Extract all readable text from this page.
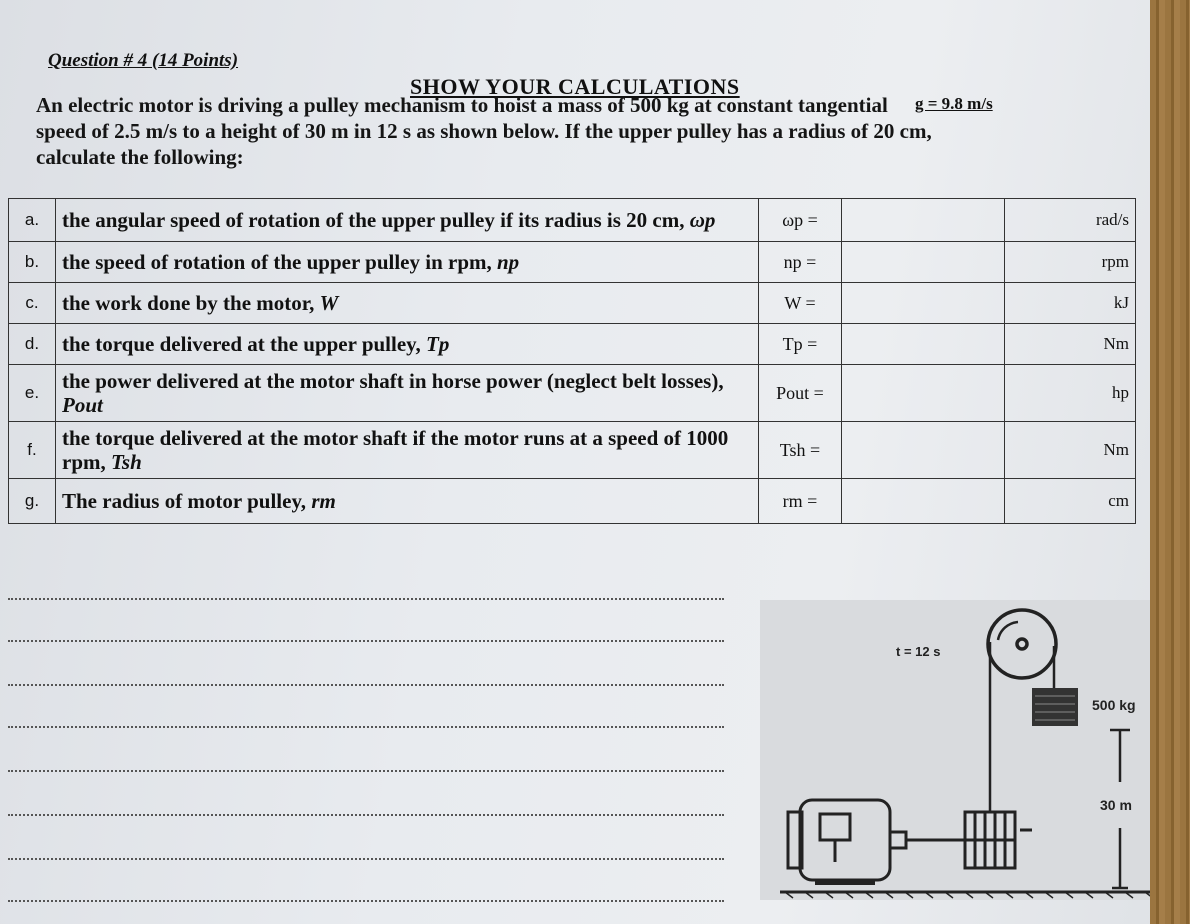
Question # 4 (14 Points)
SHOW YOUR CALCULATIONS
g = 9.8 m/s

An electric motor is driving a pulley mechanism to hoist a mass of 500 kg at constant tangential

speed of 2.5 m/s to a height of 30 m in 12 s as shown below. If the upper pulley has a radius of 20 cm,

calculate the following:

a.	the angular speed of rotation of the upper pulley if its radius is 20 cm, ωp	ωp =		rad/s
b.	the speed of rotation of the upper pulley in rpm, np	np =		rpm
c.	the work done by the motor, W	W =		kJ
d.	the torque delivered at the upper pulley, Tp	Tp =		Nm
e.	the power delivered at the motor shaft in horse power (neglect belt losses), Pout	Pout =		hp
f.	the torque delivered at the motor shaft if the motor runs at a speed of 1000 rpm, Tsh	Tsh =		Nm
g.	The radius of motor pulley, rm	rm =		cm
t = 12 s
500 kg
30 m
